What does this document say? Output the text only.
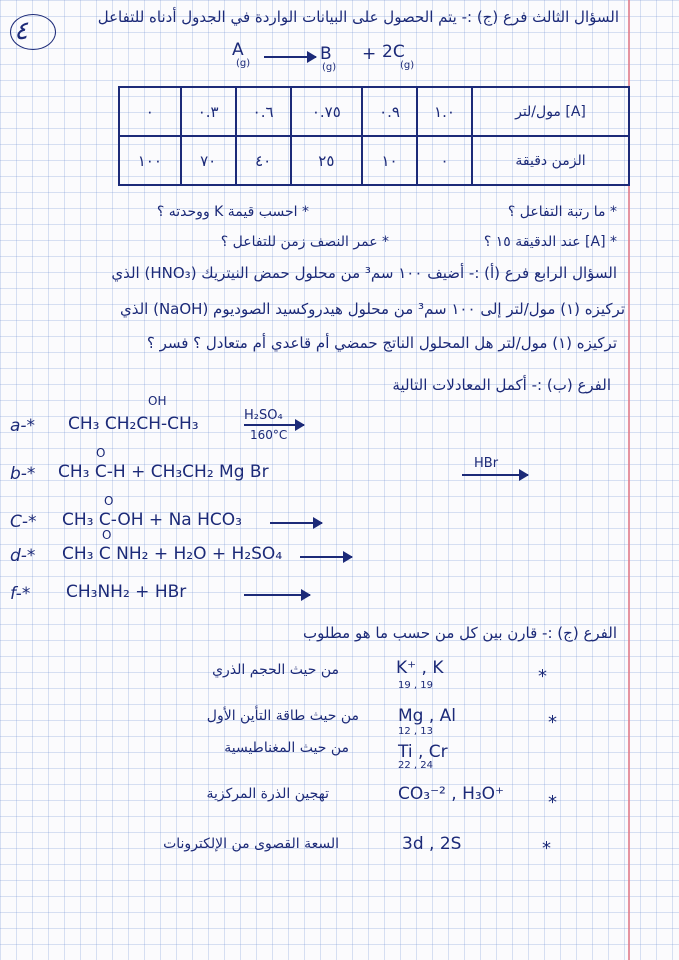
٤	السؤال الثالث فرع (ج) :- يتم الحصول على البيانات الواردة في الجدول أدناه للتفاعل
A
(g) → B
(g)
+ 2C
(g)
٠	٠.٣	٠.٦	٠.٧٥	٠.٩	١.٠	[A] مول/لتر
١٠٠	٧٠	٤٠	٢٥	١٠	٠	الزمن دقيقة
* ما رتبة التفاعل ؟
* احسب قيمة K ووحدته ؟
* [A] عند الدقيقة ١٥ ؟
* عمر النصف زمن للتفاعل ؟
السؤال الرابع فرع (أ) :- أضيف ١٠٠ سم³ من محلول حمض النيتريك (HNO₃) الذي
تركيزه (١) مول/لتر إلى ١٠٠ سم³ من محلول هيدروكسيد الصوديوم (NaOH) الذي
تركيزه (١) مول/لتر هل المحلول الناتج حمضي أم قاعدي أم متعادل ؟ فسر ؟
الفرع (ب) :- أكمل المعادلات التالية
a-*
OH
CH₃ CH₂CH-CH₃	H₂SO₄
160°C
b-*
O
CH₃ C-H + CH₃CH₂ Mg Br	HBr
C-*
O
CH₃ C-OH + Na HCO₃
d-*
O
CH₃ C NH₂ + H₂O + H₂SO₄
f-* CH₃NH₂ + HBr
الفرع (ج) :- قارن بين كل من حسب ما هو مطلوب
*
K⁺ , K
19 , 19
من حيث الحجم الذري
*
Mg , Al
12 , 13
من حيث طاقة التأين الأول
Ti , Cr
22 , 24
من حيث المغناطيسية
*
CO₃⁻² , H₃O⁺
تهجين الذرة المركزية
*
3d , 2S
السعة القصوى من الإلكترونات
